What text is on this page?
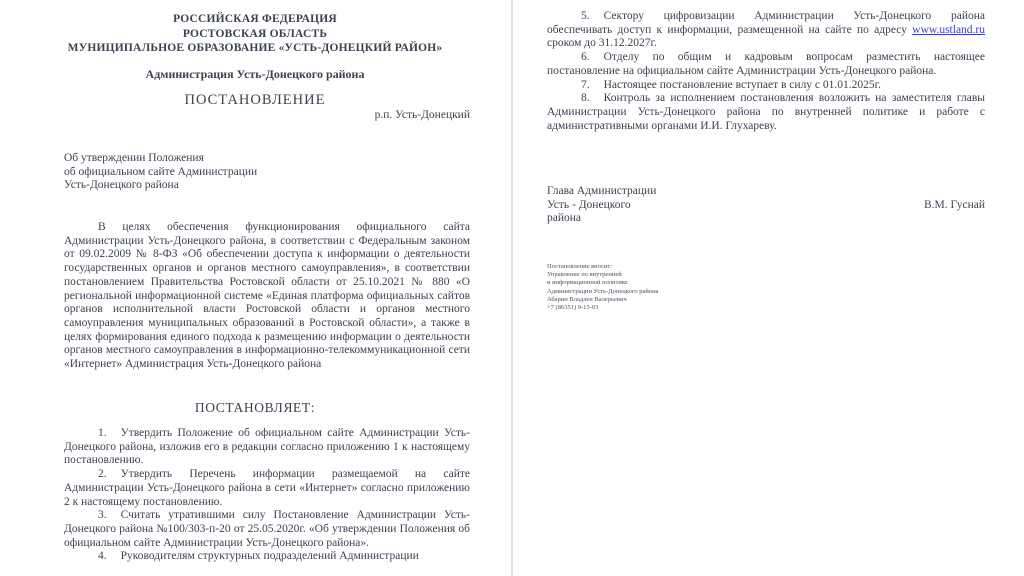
РОССИЙСКАЯ ФЕДЕРАЦИЯ
РОСТОВСКАЯ ОБЛАСТЬ
МУНИЦИПАЛЬНОЕ ОБРАЗОВАНИЕ «УСТЬ-ДОНЕЦКИЙ РАЙОН»
Администрация Усть-Донецкого района
ПОСТАНОВЛЕНИЕ
р.п. Усть-Донецкий
Об утверждении Положения
об официальном сайте Администрации
Усть-Донецкого района
В целях обеспечения функционирования официального сайта Администрации Усть-Донецкого района, в соответствии с Федеральным законом от 09.02.2009 № 8-ФЗ «Об обеспечении доступа к информации о деятельности государственных органов и органов местного самоуправления», в соответствии постановлением Правительства Ростовской области от 25.10.2021 № 880 «О региональной информационной системе «Единая платформа официальных сайтов органов исполнительной власти Ростовской области и органов местного самоуправления муниципальных образований в Ростовской области», а также в целях формирования единого подхода к размещению информации о деятельности органов местного самоуправления в информационно-телекоммуникационной сети «Интернет» Администрация Усть-Донецкого района
ПОСТАНОВЛЯЕТ:

1. Утвердить Положение об официальном сайте Администрации Усть-Донецкого района, изложив его в редакции согласно приложению 1 к настоящему постановлению.

2. Утвердить Перечень информации размещаемой на сайте Администрации Усть-Донецкого района в сети «Интернет» согласно приложению 2 к настоящему постановлению.

3. Считать утратившими силу Постановление Администрации Усть-Донецкого района №100/303-п-20 от 25.05.2020г. «Об утверждении Положения об официальном сайте Администрации Усть-Донецкого района».

4. Руководителям структурных подразделений Администрации

5. Сектору цифровизации Администрации Усть-Донецкого района обеспечивать доступ к информации, размещенной на сайте по адресу www.ustland.ru сроком до 31.12.2027г.

6. Отделу по общим и кадровым вопросам разместить настоящее постановление на официальном сайте Администрации Усть-Донецкого района.

7. Настоящее постановление вступает в силу с 01.01.2025г.

8. Контроль за исполнением постановления возложить на заместителя главы Администрации Усть-Донецкого района по внутренней политике и работе с административными органами И.И. Глухареву.

Глава Администрации
Усть - Донецкого	В.М. Гуснай
района
Постановление вносит:
Управление по внутренней
и информационной политике
Администрации Усть-Донецкого района
Абарин Владлен Валерьевич
+7 (86351) 9-15-03
